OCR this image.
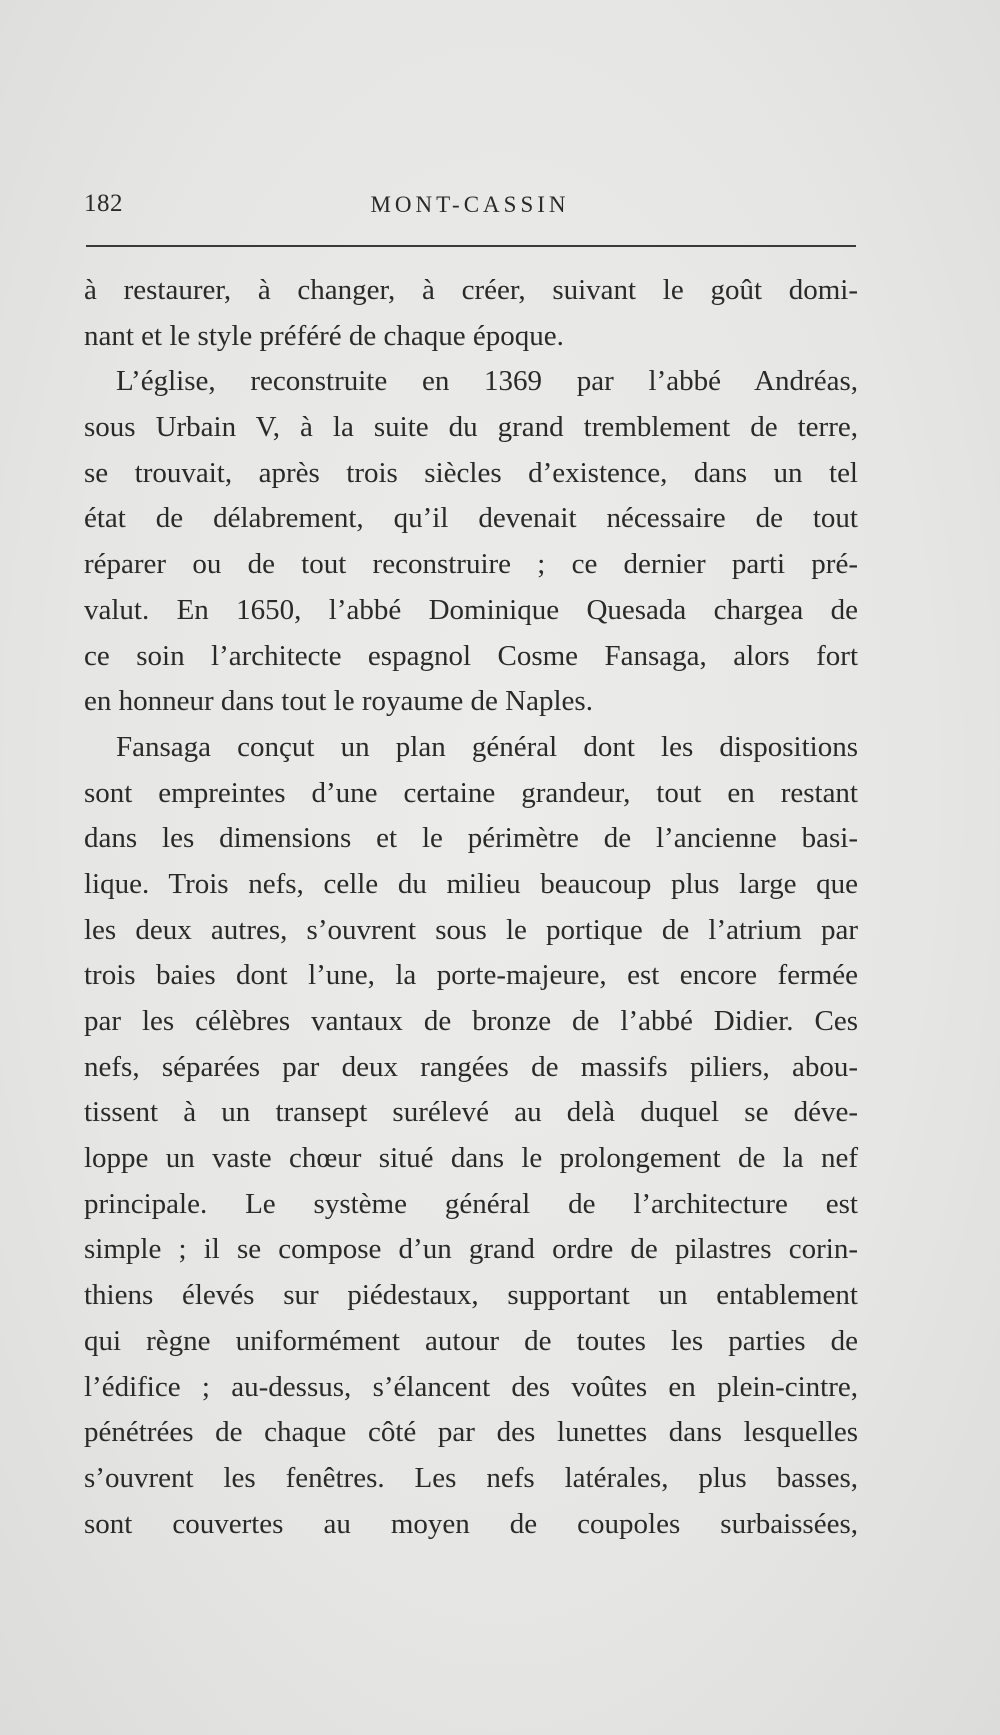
182	MONT-CASSIN
à restaurer, à changer, à créer, suivant le goût domi-
nant et le style préféré de chaque époque.
L’église, reconstruite en 1369 par l’abbé Andréas,
sous Urbain V, à la suite du grand tremblement de terre,
se trouvait, après trois siècles d’existence, dans un tel
état de délabrement, qu’il devenait nécessaire de tout
réparer ou de tout reconstruire ; ce dernier parti pré-
valut. En 1650, l’abbé Dominique Quesada chargea de
ce soin l’architecte espagnol Cosme Fansaga, alors fort
en honneur dans tout le royaume de Naples.
Fansaga conçut un plan général dont les dispositions
sont empreintes d’une certaine grandeur, tout en restant
dans les dimensions et le périmètre de l’ancienne basi-
lique. Trois nefs, celle du milieu beaucoup plus large que
les deux autres, s’ouvrent sous le portique de l’atrium par
trois baies dont l’une, la porte-majeure, est encore fermée
par les célèbres vantaux de bronze de l’abbé Didier. Ces
nefs, séparées par deux rangées de massifs piliers, abou-
tissent à un transept surélevé au delà duquel se déve-
loppe un vaste chœur situé dans le prolongement de la nef
principale. Le système général de l’architecture est
simple ; il se compose d’un grand ordre de pilastres corin-
thiens élevés sur piédestaux, supportant un entablement
qui règne uniformément autour de toutes les parties de
l’édifice ; au-dessus, s’élancent des voûtes en plein-cintre,
pénétrées de chaque côté par des lunettes dans lesquelles
s’ouvrent les fenêtres. Les nefs latérales, plus basses,
sont couvertes au moyen de coupoles surbaissées,
